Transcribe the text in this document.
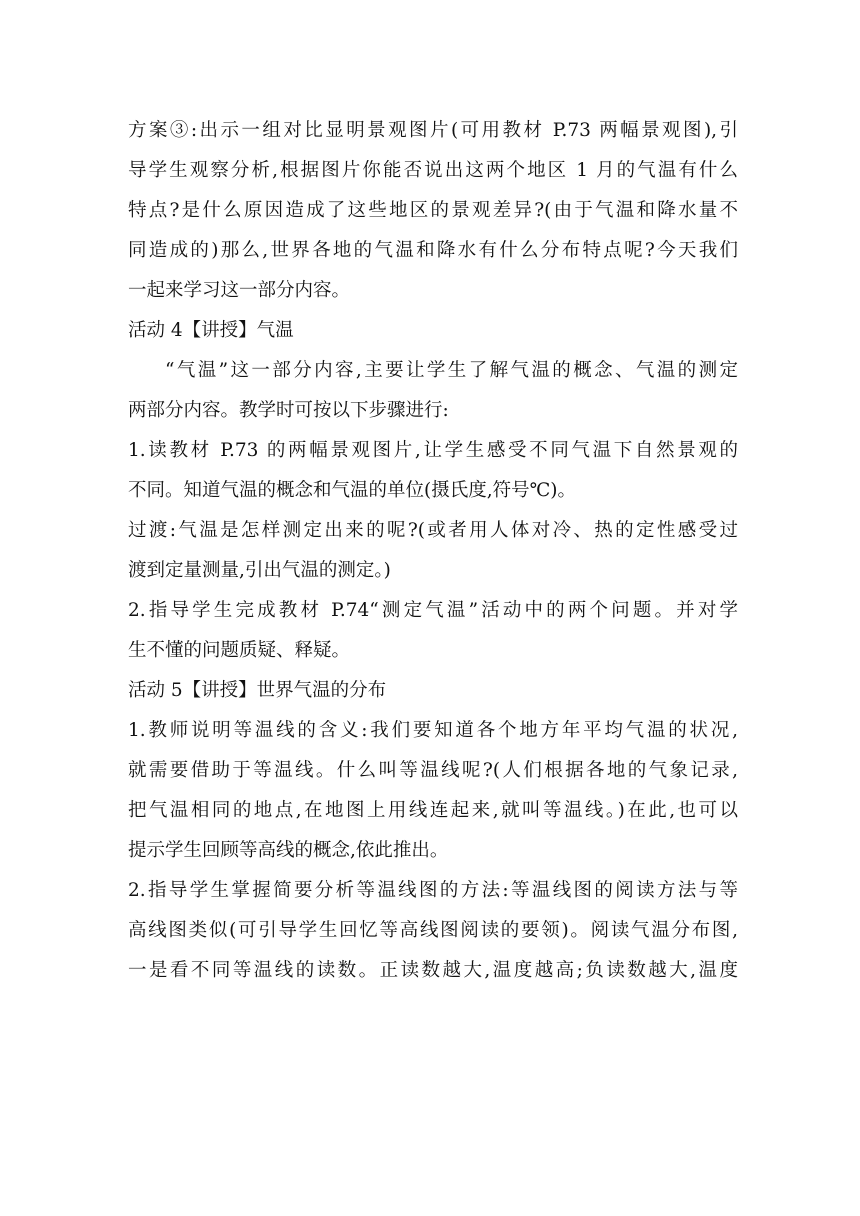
方案③:出示一组对比显明景观图片(可用教材 P.73 两幅景观图),引
导学生观察分析,根据图片你能否说出这两个地区 1 月的气温有什么
特点?是什么原因造成了这些地区的景观差异?(由于气温和降水量不
同造成的)那么,世界各地的气温和降水有什么分布特点呢?今天我们
一起来学习这一部分内容。
活动 4【讲授】气温
“气温”这一部分内容,主要让学生了解气温的概念、气温的测定
两部分内容。教学时可按以下步骤进行:
1.读教材 P.73 的两幅景观图片,让学生感受不同气温下自然景观的
不同。知道气温的概念和气温的单位(摄氏度,符号℃)。
过渡:气温是怎样测定出来的呢?(或者用人体对冷、热的定性感受过
渡到定量测量,引出气温的测定。)
2.指导学生完成教材 P.74“测定气温”活动中的两个问题。并对学
生不懂的问题质疑、释疑。
活动 5【讲授】世界气温的分布
1.教师说明等温线的含义:我们要知道各个地方年平均气温的状况,
就需要借助于等温线。什么叫等温线呢?(人们根据各地的气象记录,
把气温相同的地点,在地图上用线连起来,就叫等温线。)在此,也可以
提示学生回顾等高线的概念,依此推出。
2.指导学生掌握简要分析等温线图的方法:等温线图的阅读方法与等
高线图类似(可引导学生回忆等高线图阅读的要领)。阅读气温分布图,
一是看不同等温线的读数。正读数越大,温度越高;负读数越大,温度
